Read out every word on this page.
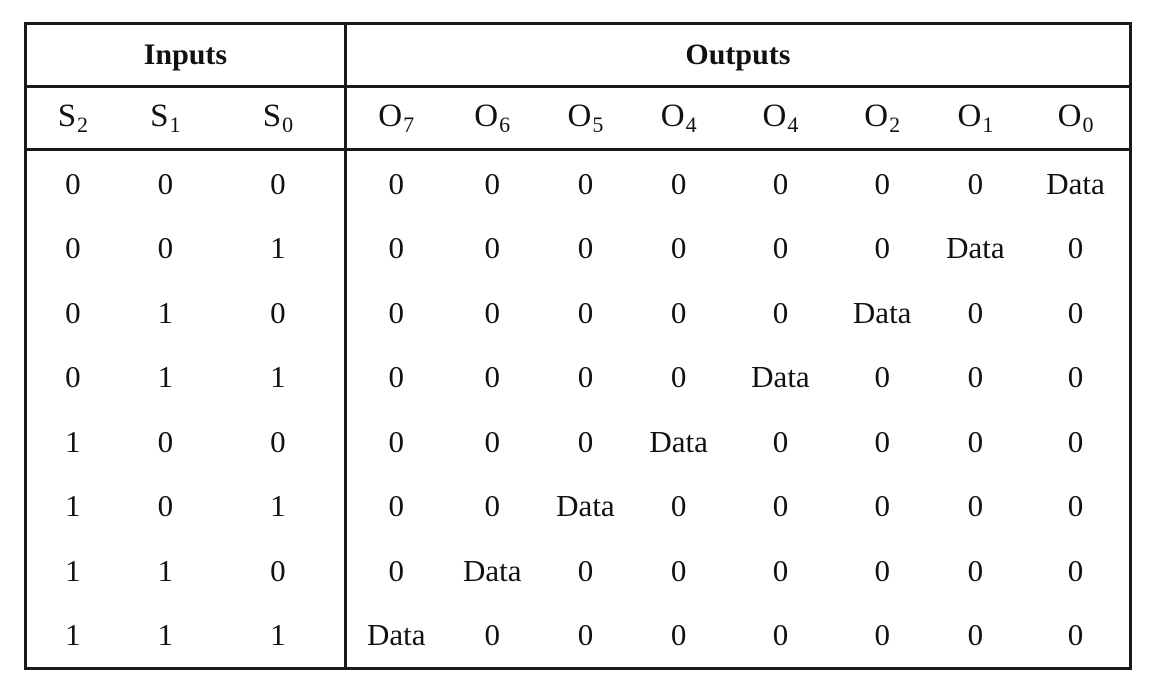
Inputs			Outputs							
$S_2$	$S_1$	$S_0$	$O_7$	$O_6$	$O_5$	$O_4$	$O_4$	$O_2$	$O_1$	$O_0$
0	0	0	0	0	0	0	0	0	0	Data
0	0	1	0	0	0	0	0	0	Data	0
0	1	0	0	0	0	0	0	Data	0	0
0	1	1	0	0	0	0	Data	0	0	0
1	0	0	0	0	0	Data	0	0	0	0
1	0	1	0	0	Data	0	0	0	0	0
1	1	0	0	Data	0	0	0	0	0	0
1	1	1	Data	0	0	0	0	0	0	0
